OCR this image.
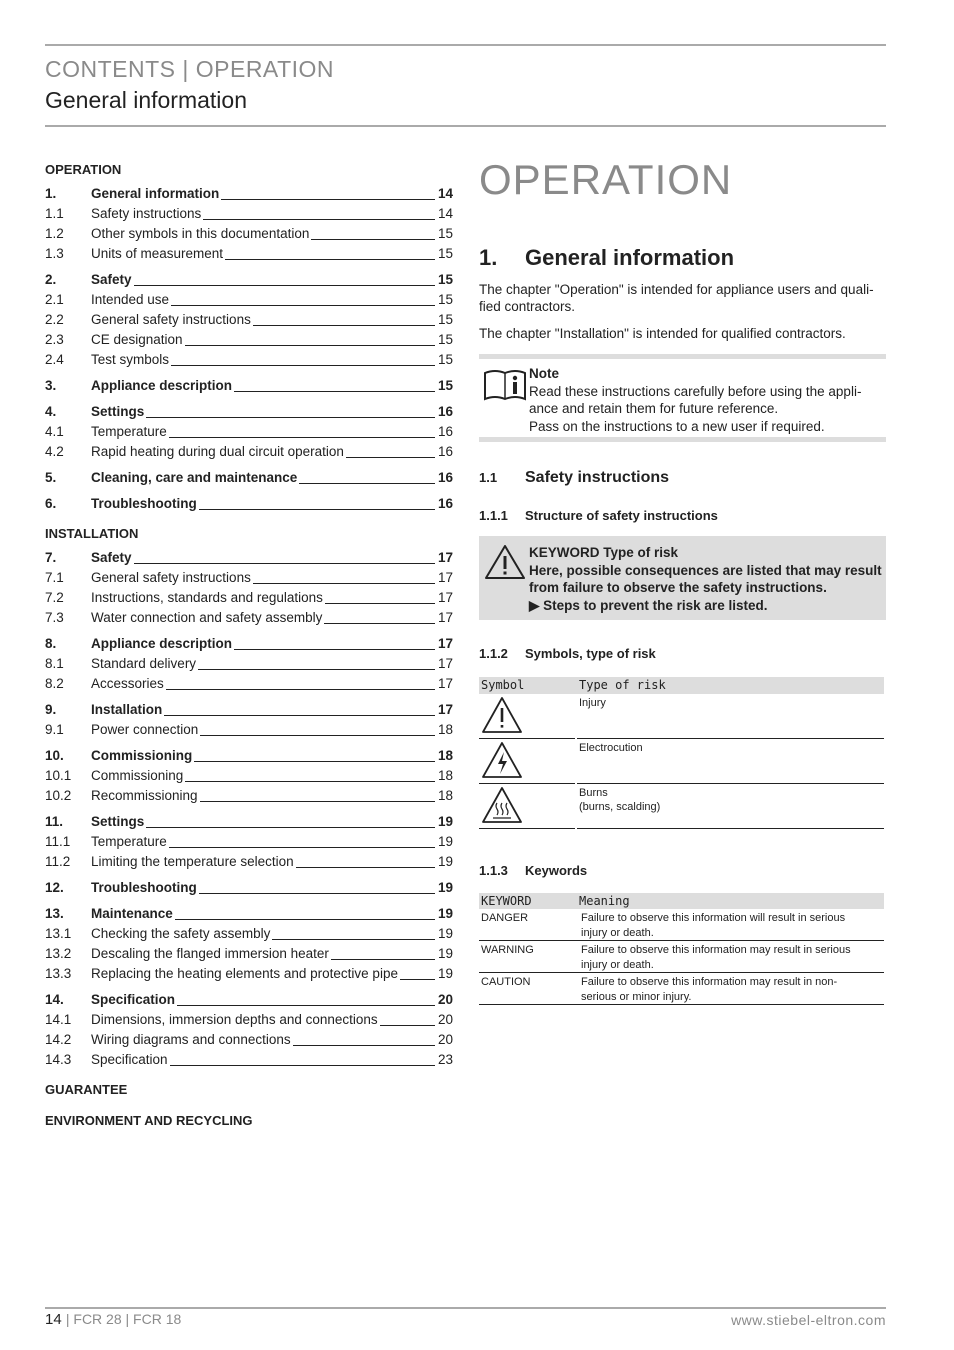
CONTENTS | OPERATION
General information
OPERATION
1.	General information	14
1.1	Safety instructions	14
1.2	Other symbols in this documentation	15
1.3	Units of measurement	15
2.	Safety	15
2.1	Intended use	15
2.2	General safety instructions	15
2.3	CE designation	15
2.4	Test symbols	15
3.	Appliance description	15
4.	Settings	16
4.1	Temperature	16
4.2	Rapid heating during dual circuit operation	16
5.	Cleaning, care and maintenance	16
6.	Troubleshooting	16
INSTALLATION
7.	Safety	17
7.1	General safety instructions	17
7.2	Instructions, standards and regulations	17
7.3	Water connection and safety assembly	17
8.	Appliance description	17
8.1	Standard delivery	17
8.2	Accessories	17
9.	Installation	17
9.1	Power connection	18
10.	Commissioning	18
10.1	Commissioning	18
10.2	Recommissioning	18
11.	Settings	19
11.1	Temperature	19
11.2	Limiting the temperature selection	19
12.	Troubleshooting	19
13.	Maintenance	19
13.1	Checking the safety assembly	19
13.2	Descaling the flanged immersion heater	19
13.3	Replacing the heating elements and protective pipe	19
14.	Specification	20
14.1	Dimensions, immersion depths and connections	20
14.2	Wiring diagrams and connections	20
14.3	Specification	23
GUARANTEE
ENVIRONMENT AND RECYCLING
OPERATION
1. General information
The chapter "Operation" is intended for appliance users and quali-
fied contractors.
The chapter "Installation" is intended for qualified contractors.
Note
Read these instructions carefully before using the appli-
ance and retain them for future reference.
Pass on the instructions to a new user if required.
1.1 Safety instructions
1.1.1 Structure of safety instructions
KEYWORD Type of risk
Here, possible consequences are listed that may result
from failure to observe the safety instructions.
▶ Steps to prevent the risk are listed.
1.1.2 Symbols, type of risk
Symbol	Type of risk
Injury
Electrocution
Burns
(burns, scalding)
1.1.3 Keywords
KEYWORD	Meaning
DANGER	Failure to observe this information will result in serious
injury or death.
WARNING	Failure to observe this information may result in serious
injury or death.
CAUTION	Failure to observe this information may result in non-
serious or minor injury.
14 | FCR 28 | FCR 18	www.stiebel-eltron.com
